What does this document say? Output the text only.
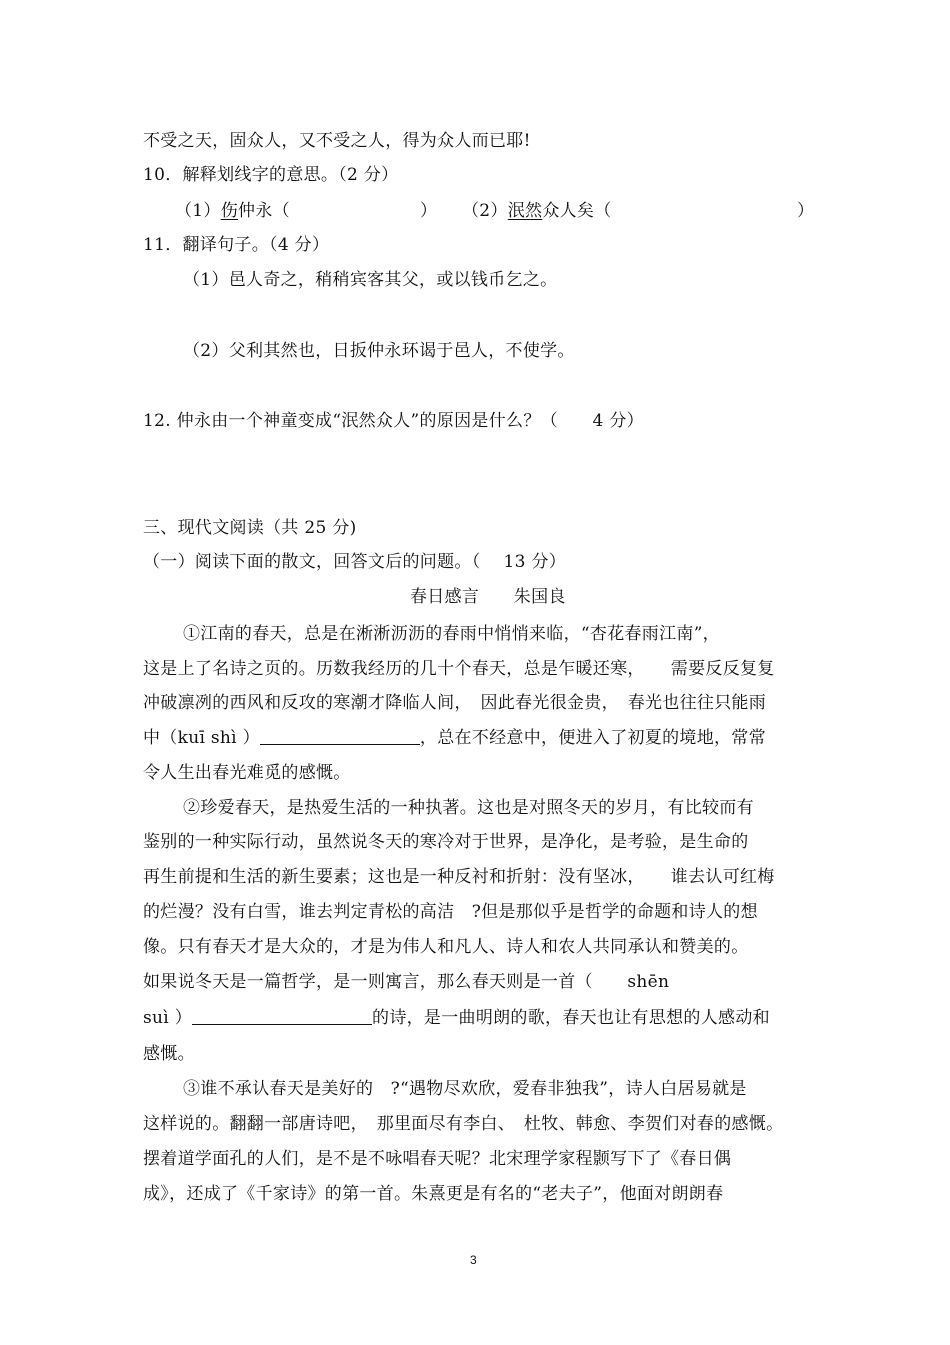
不受之天，固众人，又不受之人，得为众人而已耶!
10．解释划线字的意思。（2 分）
（1）伤仲永（	） （2）泯然众人矣（	）
11．翻译句子。（4 分）
（1）邑人奇之，稍稍宾客其父，或以钱币乞之。
（2）父利其然也，日扳仲永环谒于邑人，不使学。
12. 仲永由一个神童变成“泯然众人”的原因是什么？（　　4 分）
三、现代文阅读（共 25 分)
（一）阅读下面的散文，回答文后的问题。（　 13 分）
春日感言　　朱国良
①江南的春天，总是在淅淅沥沥的春雨中悄悄来临，“杏花春雨江南”，
这是上了名诗之页的。历数我经历的几十个春天，总是乍暖还寒，　　需要反反复复
冲破凛冽的西风和反攻的寒潮才降临人间，　因此春光很金贵，　春光也往往只能雨
中（kuī shì ）	，总在不经意中，便进入了初夏的境地，常常
令人生出春光难觅的感慨。
②珍爱春天，是热爱生活的一种执著。这也是对照冬天的岁月，有比较而有
鉴别的一种实际行动，虽然说冬天的寒冷对于世界，是净化，是考验，是生命的
再生前提和生活的新生要素；这也是一种反衬和折射：没有坚冰，　　谁去认可红梅
的烂漫？没有白雪，谁去判定青松的高洁　?但是那似乎是哲学的命题和诗人的想
像。只有春天才是大众的，才是为伟人和凡人、诗人和农人共同承认和赞美的。
如果说冬天是一篇哲学，是一则寓言，那么春天则是一首（　　shēn
suì ）	的诗，是一曲明朗的歌，春天也让有思想的人感动和
感慨。
③谁不承认春天是美好的　?“遇物尽欢欣，爱春非独我”，诗人白居易就是
这样说的。翻翻一部唐诗吧，　那里面尽有李白、　杜牧、韩愈、李贺们对春的感慨。
摆着道学面孔的人们，是不是不咏唱春天呢？北宋理学家程颢写下了《春日偶
成》，还成了《千家诗》的第一首。朱熹更是有名的“老夫子”，他面对朗朗春
3
